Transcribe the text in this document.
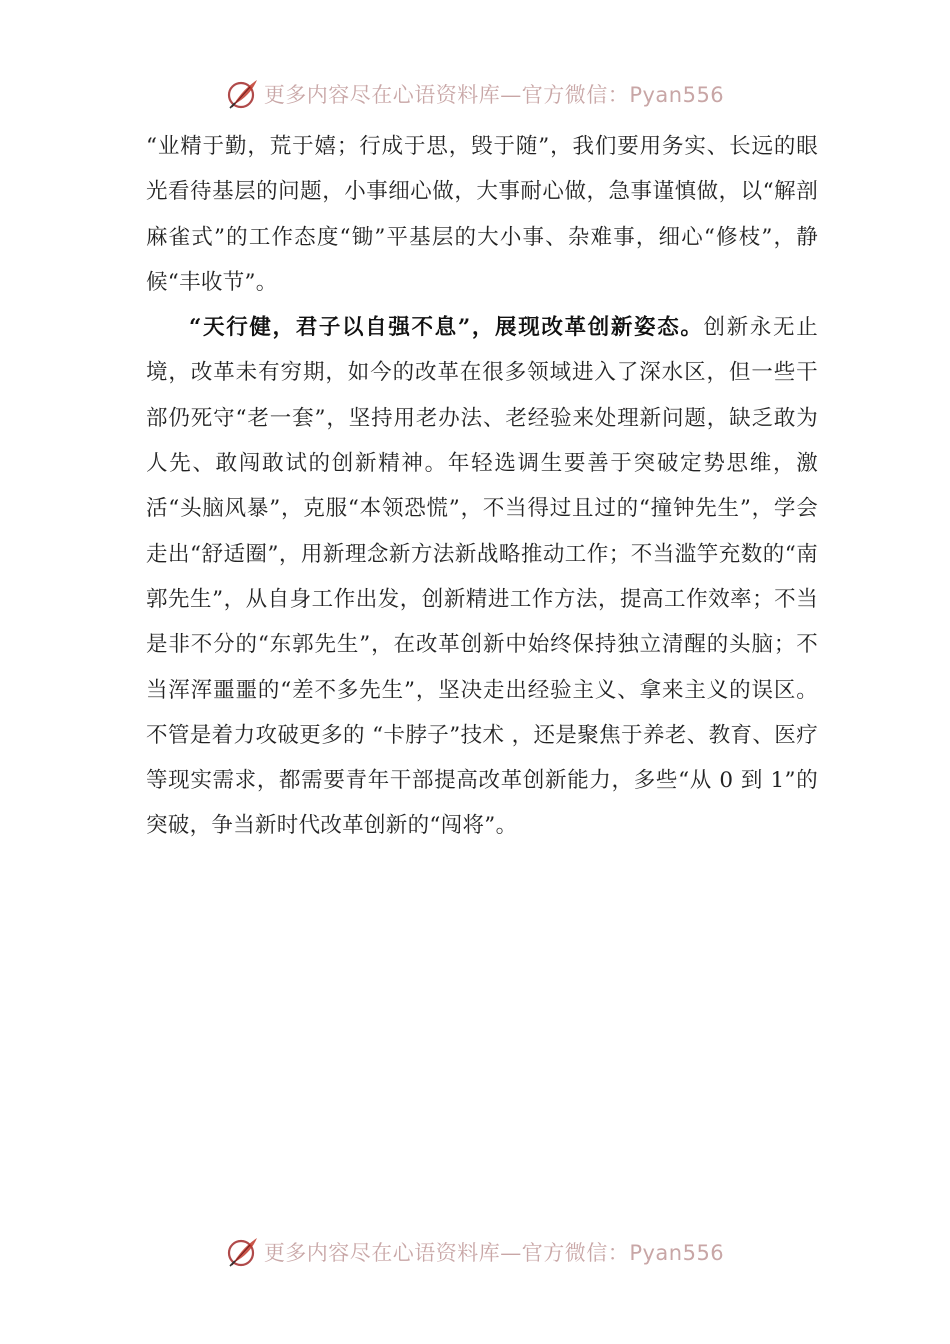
更多内容尽在心语资料库—官方微信：Pyan556

“业精于勤，荒于嬉；行成于思，毁于随”，我们要用务实、长远的眼光看待基层的问题，小事细心做，大事耐心做，急事谨慎做，以“解剖麻雀式”的工作态度“锄”平基层的大小事、杂难事，细心“修枝”，静候“丰收节”。

“天行健，君子以自强不息”，展现改革创新姿态。创新永无止境，改革未有穷期，如今的改革在很多领域进入了深水区，但一些干部仍死守“老一套”，坚持用老办法、老经验来处理新问题，缺乏敢为人先、敢闯敢试的创新精神。年轻选调生要善于突破定势思维，激活“头脑风暴”，克服“本领恐慌”，不当得过且过的“撞钟先生”，学会走出“舒适圈”，用新理念新方法新战略推动工作；不当滥竽充数的“南郭先生”，从自身工作出发，创新精进工作方法，提高工作效率；不当是非不分的“东郭先生”，在改革创新中始终保持独立清醒的头脑；不当浑浑噩噩的“差不多先生”，坚决走出经验主义、拿来主义的误区。不管是着力攻破更多的 “卡脖子”技术 ，还是聚焦于养老、教育、医疗等现实需求，都需要青年干部提高改革创新能力，多些“从 0 到 1”的突破，争当新时代改革创新的“闯将”。

更多内容尽在心语资料库—官方微信：Pyan556
